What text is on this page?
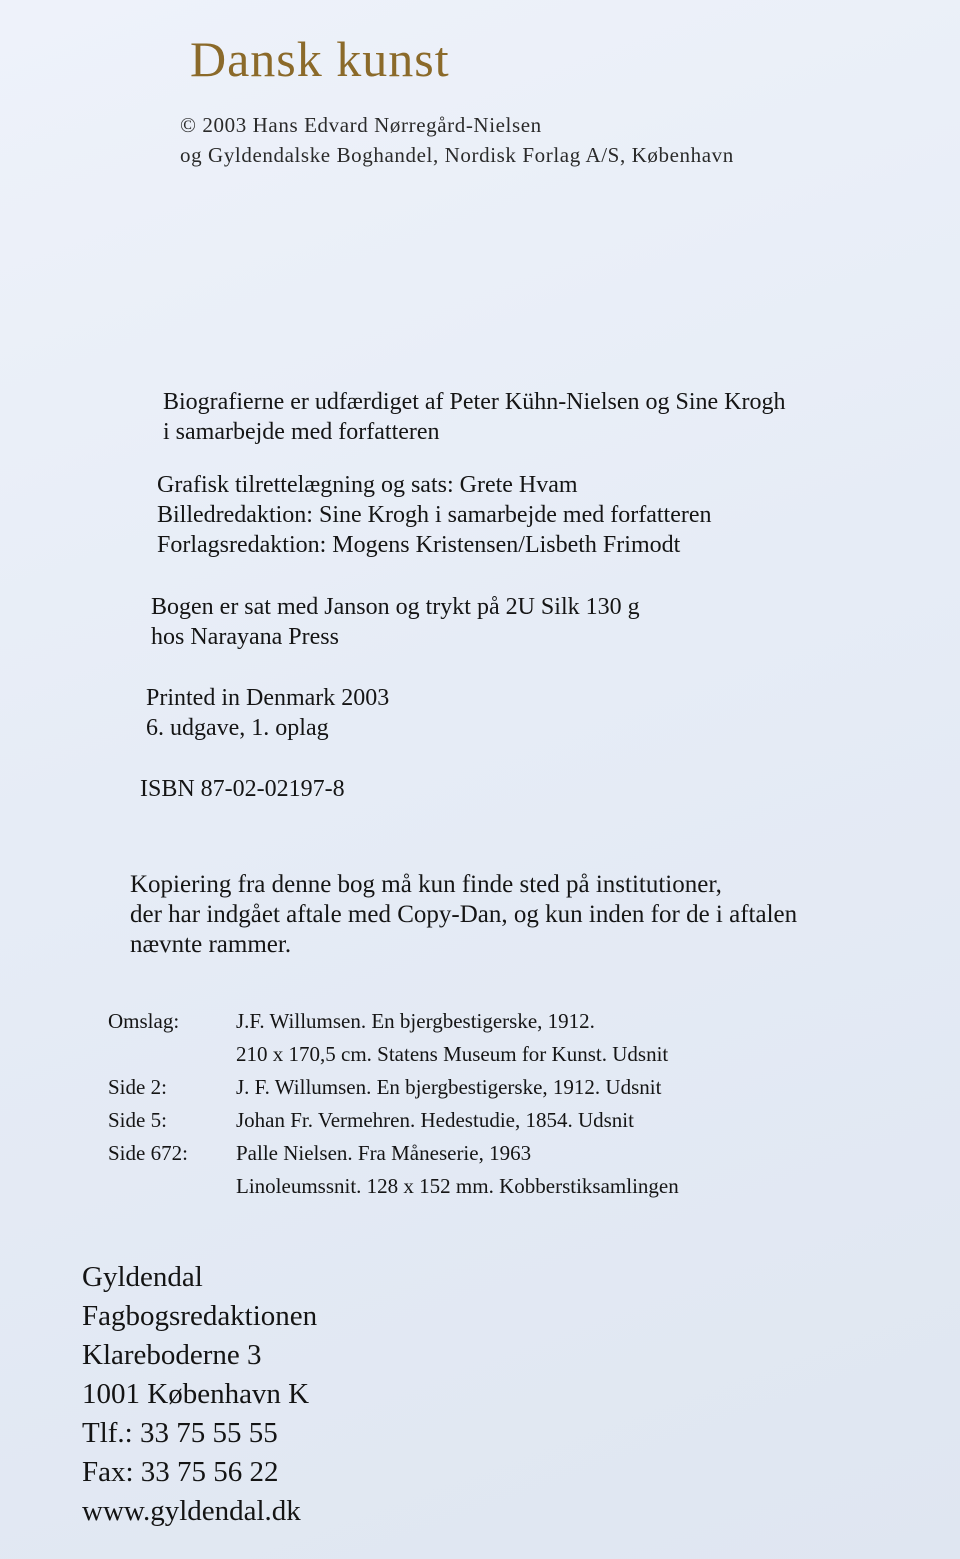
Dansk kunst
© 2003 Hans Edvard Nørregård-Nielsen
og Gyldendalske Boghandel, Nordisk Forlag A/S, København
Biografierne er udfærdiget af Peter Kühn-Nielsen og Sine Krogh
i samarbejde med forfatteren
Grafisk tilrettelægning og sats: Grete Hvam
Billedredaktion: Sine Krogh i samarbejde med forfatteren
Forlagsredaktion: Mogens Kristensen/Lisbeth Frimodt
Bogen er sat med Janson og trykt på 2U Silk 130 g
hos Narayana Press
Printed in Denmark 2003
6. udgave, 1. oplag
ISBN 87-02-02197-8
Kopiering fra denne bog må kun finde sted på institutioner,
der har indgået aftale med Copy-Dan, og kun inden for de i aftalen
nævnte rammer.
Omslag:	J.F. Willumsen. En bjergbestigerske, 1912.
210 x 170,5 cm. Statens Museum for Kunst. Udsnit
Side 2:	J. F. Willumsen. En bjergbestigerske, 1912. Udsnit
Side 5:	Johan Fr. Vermehren. Hedestudie, 1854. Udsnit
Side 672:	Palle Nielsen. Fra Måneserie, 1963
Linoleumssnit. 128 x 152 mm. Kobberstiksamlingen
Gyldendal
Fagbogsredaktionen
Klareboderne 3
1001 København K
Tlf.: 33 75 55 55
Fax: 33 75 56 22
www.gyldendal.dk
